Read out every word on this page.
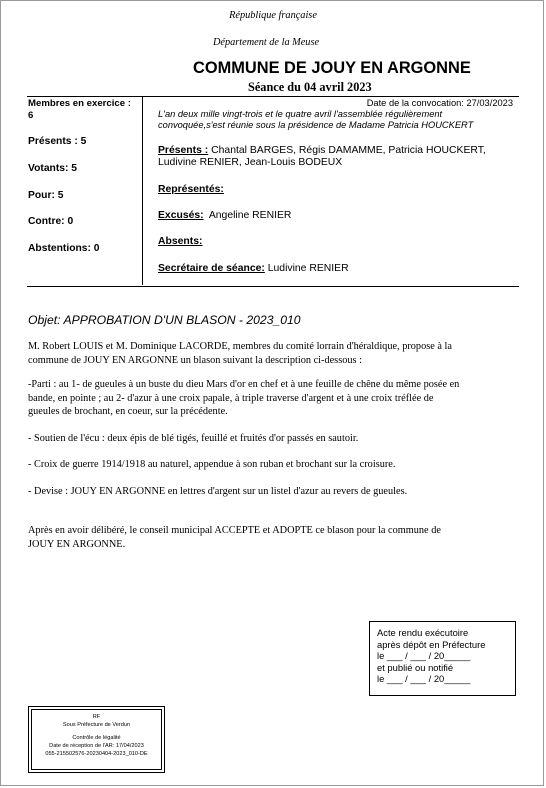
République française
Département de la Meuse
COMMUNE DE JOUY EN ARGONNE
Séance du 04 avril 2023
Membres en exercice :
6
Présents : 5
Votants: 5
Pour: 5
Contre: 0
Abstentions: 0
Date de la convocation: 27/03/2023
L'an deux mille vingt-trois et le quatre avril l'assemblée régulièrement
convoquée,s'est réunie sous la présidence de Madame Patricia HOUCKERT
Présents : Chantal BARGES, Régis DAMAMME, Patricia HOUCKERT,
Ludivine RENIER, Jean-Louis BODEUX
Représentés:
Excusés: Angeline RENIER
Absents:
Secrétaire de séance: Ludivine RENIER
Objet: APPROBATION D'UN BLASON - 2023_010
M. Robert LOUIS et M. Dominique LACORDE, membres du comité lorrain d'héraldique, propose à la
commune de JOUY EN ARGONNE un blason suivant la description ci-dessous :
-Parti : au 1- de gueules à un buste du dieu Mars d'or en chef et à une feuille de chêne du même posée en
bande, en pointe ; au 2- d'azur à une croix papale, à triple traverse d'argent et à une croix tréflée de
gueules de brochant, en coeur, sur la précédente.
- Soutien de l'écu : deux épis de blé tigés, feuillé et fruités d'or passés en sautoir.
- Croix de guerre 1914/1918 au naturel, appendue à son ruban et brochant sur la croisure.
- Devise : JOUY EN ARGONNE en lettres d'argent sur un listel d'azur au revers de gueules.
Après en avoir délibéré, le conseil municipal ACCEPTE et ADOPTE ce blason pour la commune de
JOUY EN ARGONNE.
Acte rendu exécutoire
après dépôt en Préfecture
le ___ / ___ / 20_____
et publié ou notifié
le ___ / ___ / 20_____
RF
Sous Préfecture de Verdun
Contrôle de légalité
Date de réception de l'AR: 17/04/2023
055-215502576-20230404-2023_010-DE
